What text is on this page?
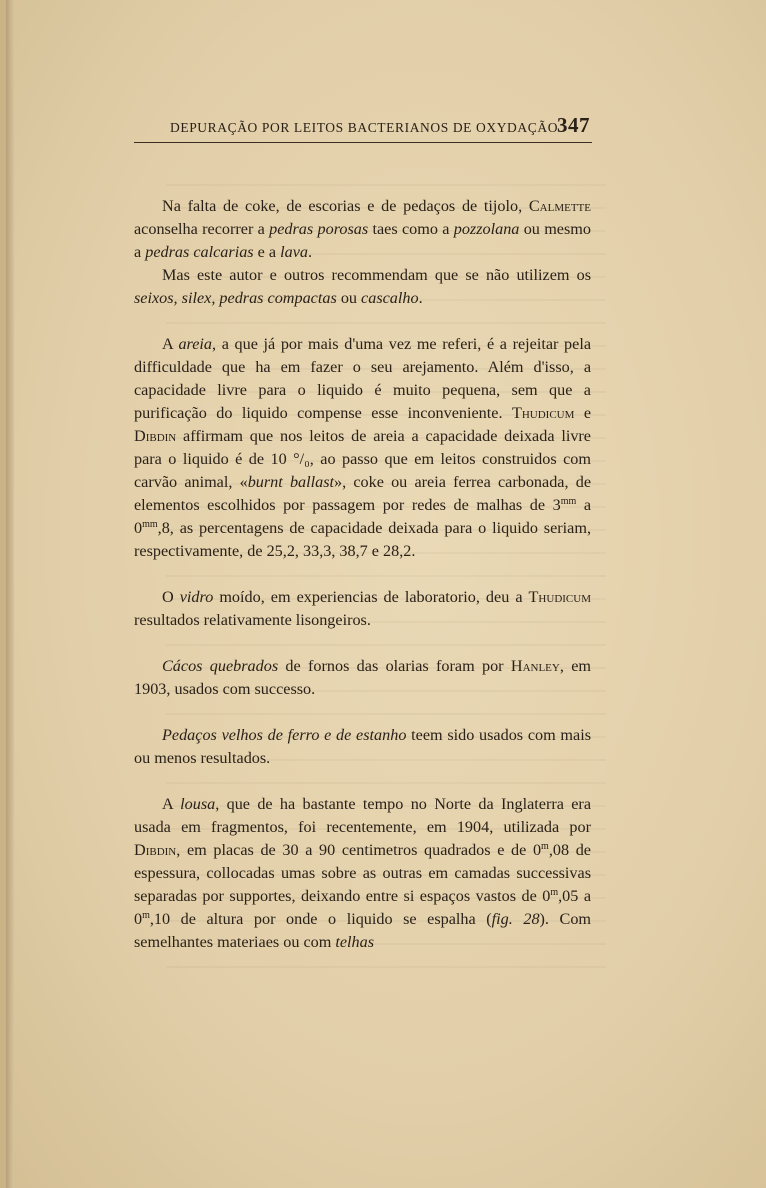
DEPURAÇÃO POR LEITOS BACTERIANOS DE OXYDAÇÃO
347

Na falta de coke, de escorias e de pedaços de tijolo, Calmette aconselha recorrer a pedras porosas taes como a pozzolana ou mesmo a pedras calcarias e a lava.

Mas este autor e outros recommendam que se não utilizem os seixos, silex, pedras compactas ou cascalho.

A areia, a que já por mais d'uma vez me referi, é a rejeitar pela difficuldade que ha em fazer o seu arejamento. Além d'isso, a capacidade livre para o liquido é muito pequena, sem que a purificação do liquido compense esse inconveniente. Thudicum e Dibdin affirmam que nos leitos de areia a capacidade deixada livre para o liquido é de 10 °/₀, ao passo que em leitos construidos com carvão animal, «burnt ballast», coke ou areia ferrea carbonada, de elementos escolhidos por passagem por redes de malhas de $3^{mm}$ a $0^{mm},8$, as percentagens de capacidade deixada para o liquido seriam, respectivamente, de 25,2, 33,3, 38,7 e 28,2.

O vidro moído, em experiencias de laboratorio, deu a Thudicum resultados relativamente lisongeiros.

Cácos quebrados de fornos das olarias foram por Hanley, em 1903, usados com successo.

Pedaços velhos de ferro e de estanho teem sido usados com mais ou menos resultados.

A lousa, que de ha bastante tempo no Norte da Inglaterra era usada em fragmentos, foi recentemente, em 1904, utilizada por Dibdin, em placas de 30 a 90 centimetros quadrados e de 0$^m$,08 de espessura, collocadas umas sobre as outras em camadas successivas separadas por supportes, deixando entre si espaços vastos de 0$^m$,05 a 0$^m$,10 de altura por onde o liquido se espalha (fig. 28). Com semelhantes materiaes ou com telhas
